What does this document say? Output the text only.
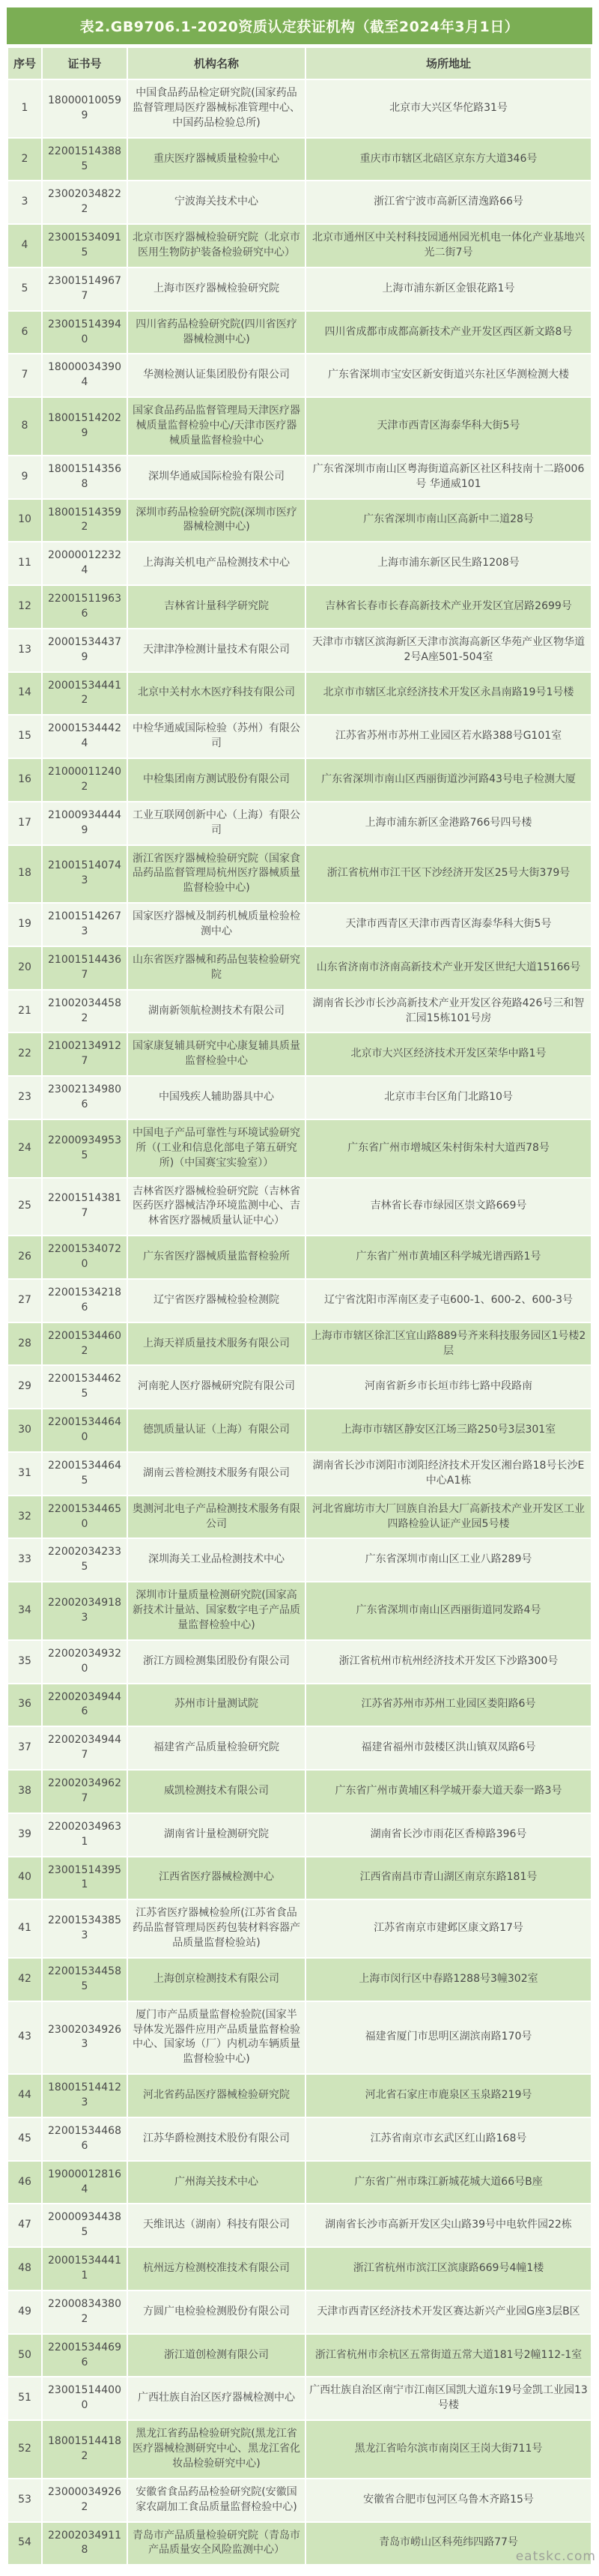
表2.GB9706.1-2020资质认定获证机构（截至2024年3月1日）
序号	证书号	机构名称	场所地址
1	180000100599	中国食品药品检定研究院(国家药品监督管理局医疗器械标准管理中心、中国药品检验总所)	北京市大兴区华佗路31号
2	220015143885	重庆医疗器械质量检验中心	重庆市市辖区北碚区京东方大道346号
3	230020348222	宁波海关技术中心	浙江省宁波市高新区清逸路66号
4	230015340915	北京市医疗器械检验研究院（北京市医用生物防护装备检验研究中心）	北京市通州区中关村科技园通州园光机电一体化产业基地兴光二街7号
5	230015149677	上海市医疗器械检验研究院	上海市浦东新区金银花路1号
6	230015143940	四川省药品检验研究院(四川省医疗器械检测中心)	四川省成都市成都高新技术产业开发区西区新文路8号
7	180000343904	华测检测认证集团股份有限公司	广东省深圳市宝安区新安街道兴东社区华测检测大楼
8	180015142029	国家食品药品监督管理局天津医疗器械质量监督检验中心/天津市医疗器械质量监督检验中心	天津市西青区海泰华科大街5号
9	180015143568	深圳华通威国际检验有限公司	广东省深圳市南山区粤海街道高新区社区科技南十二路006号 华通威101
10	180015143592	深圳市药品检验研究院(深圳市医疗器械检测中心)	广东省深圳市南山区高新中二道28号
11	200000122324	上海海关机电产品检测技术中心	上海市浦东新区民生路1208号
12	220015119636	吉林省计量科学研究院	吉林省长春市长春高新技术产业开发区宜居路2699号
13	200015344379	天津津净检测计量技术有限公司	天津市市辖区滨海新区天津市滨海高新区华苑产业区物华道2号A座501-504室
14	200015344412	北京中关村水木医疗科技有限公司	北京市市辖区北京经济技术开发区永昌南路19号1号楼
15	200015344424	中检华通威国际检验（苏州）有限公司	江苏省苏州市苏州工业园区若水路388号G101室
16	210000112402	中检集团南方测试股份有限公司	广东省深圳市南山区西丽街道沙河路43号电子检测大厦
17	210009344449	工业互联网创新中心（上海）有限公司	上海市浦东新区金港路766号四号楼
18	210015140743	浙江省医疗器械检验研究院（国家食品药品监督管理局杭州医疗器械质量监督检验中心)	浙江省杭州市江干区下沙经济开发区25号大街379号
19	210015142673	国家医疗器械及制药机械质量检验检测中心	天津市西青区天津市西青区海泰华科大街5号
20	210015144367	山东省医疗器械和药品包装检验研究院	山东省济南市济南高新技术产业开发区世纪大道15166号
21	210020344582	湖南新领航检测技术有限公司	湖南省长沙市长沙高新技术产业开发区谷苑路426号三和智汇园15栋101号房
22	210021349127	国家康复辅具研究中心康复辅具质量监督检验中心	北京市大兴区经济技术开发区荣华中路1号
23	230021349806	中国残疾人辅助器具中心	北京市丰台区角门北路10号
24	220009349535	中国电子产品可靠性与环境试验研究所（(工业和信息化部电子第五研究所)（中国赛宝实验室））	广东省广州市增城区朱村街朱村大道西78号
25	220015143817	吉林省医疗器械检验研究院（吉林省医药医疗器械洁净环境监测中心、吉林省医疗器械质量认证中心）	吉林省长春市绿园区崇文路669号
26	220015340720	广东省医疗器械质量监督检验所	广东省广州市黄埔区科学城光谱西路1号
27	220015342186	辽宁省医疗器械检验检测院	辽宁省沈阳市浑南区麦子屯600-1、600-2、600-3号
28	220015344602	上海天祥质量技术服务有限公司	上海市市辖区徐汇区宜山路889号齐来科技服务园区1号楼2层
29	220015344625	河南驼人医疗器械研究院有限公司	河南省新乡市长垣市纬七路中段路南
30	220015344640	德凯质量认证（上海）有限公司	上海市市辖区静安区江场三路250号3层301室
31	220015344645	湖南云普检测技术服务有限公司	湖南省长沙市浏阳市浏阳经济技术开发区湘台路18号长沙E中心A1栋
32	220015344650	奥测河北电子产品检测技术服务有限公司	河北省廊坊市大厂回族自治县大厂高新技术产业开发区工业四路检验认证产业园5号楼
33	220020342335	深圳海关工业品检测技术中心	广东省深圳市南山区工业八路289号
34	220020349183	深圳市计量质量检测研究院(国家高新技术计量站、国家数字电子产品质量监督检验中心)	广东省深圳市南山区西丽街道同发路4号
35	220020349320	浙江方圆检测集团股份有限公司	浙江省杭州市杭州经济技术开发区下沙路300号
36	220020349446	苏州市计量测试院	江苏省苏州市苏州工业园区娄阳路6号
37	220020349447	福建省产品质量检验研究院	福建省福州市鼓楼区洪山镇双凤路6号
38	220020349627	威凯检测技术有限公司	广东省广州市黄埔区科学城开泰大道天泰一路3号
39	220020349631	湖南省计量检测研究院	湖南省长沙市雨花区香樟路396号
40	230015143951	江西省医疗器械检测中心	江西省南昌市青山湖区南京东路181号
41	220015343853	江苏省医疗器械检验所(江苏省食品药品监督管理局医药包装材料容器产品质量监督检验站)	江苏省南京市建邺区康文路17号
42	220015344585	上海创京检测技术有限公司	上海市闵行区中春路1288号3幢302室
43	230020349263	厦门市产品质量监督检验院(国家半导体发光器件应用产品质量监督检验中心、国家场（厂）内机动车辆质量监督检验中心)	福建省厦门市思明区湖滨南路170号
44	180015144123	河北省药品医疗器械检验研究院	河北省石家庄市鹿泉区玉泉路219号
45	220015344686	江苏华爵检测技术股份有限公司	江苏省南京市玄武区红山路168号
46	190000128164	广州海关技术中心	广东省广州市珠江新城花城大道66号B座
47	200009344385	天维讯达（湖南）科技有限公司	湖南省长沙市高新开发区尖山路39号中电软件园22栋
48	200015344411	杭州远方检测校准技术有限公司	浙江省杭州市滨江区滨康路669号4幢1楼
49	220008343802	方圆广电检验检测股份有限公司	天津市西青区经济技术开发区赛达新兴产业园G座3层B区
50	220015344696	浙江道创检测有限公司	浙江省杭州市余杭区五常街道五常大道181号2幢112-1室
51	230015144000	广西壮族自治区医疗器械检测中心	广西壮族自治区南宁市江南区国凯大道东19号金凯工业园13号楼
52	180015144182	黑龙江省药品检验研究院(黑龙江省医疗器械检测研究中心、黑龙江省化妆品检验研究中心)	黑龙江省哈尔滨市南岗区王岗大街711号
53	230000349262	安徽省食品药品检验研究院(安徽国家农副加工食品质量监督检验中心)	安徽省合肥市包河区乌鲁木齐路15号
54	220020349118	青岛市产品质量检验研究院（青岛市产品质量安全风险监测中心）	青岛市崂山区科苑纬四路77号
eatskc.com
